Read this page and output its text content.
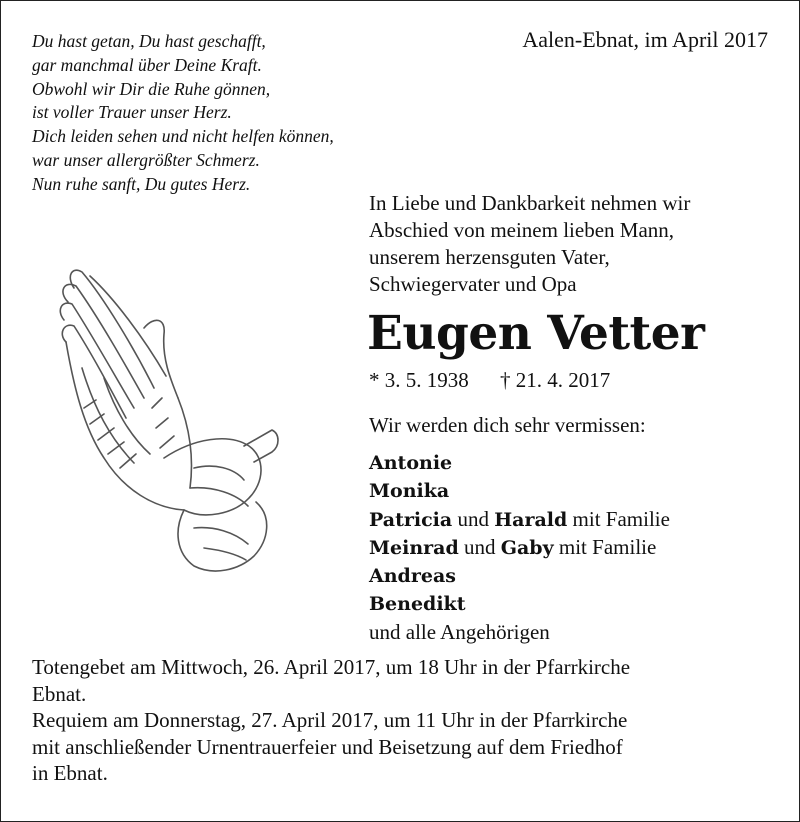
Du hast getan, Du hast geschafft,
gar manchmal über Deine Kraft.
Obwohl wir Dir die Ruhe gönnen,
ist voller Trauer unser Herz.
Dich leiden sehen und nicht helfen können,
war unser allergrößter Schmerz.
Nun ruhe sanft, Du gutes Herz.
Aalen-Ebnat, im April 2017
In Liebe und Dankbarkeit nehmen wir
Abschied von meinem lieben Mann,
unserem herzensguten Vater,
Schwiegervater und Opa
Eugen Vetter
* 3. 5. 1938 † 21. 4. 2017
Wir werden dich sehr vermissen:
Antonie
Monika
Patricia und Harald mit Familie
Meinrad und Gaby mit Familie
Andreas
Benedikt
und alle Angehörigen
Totengebet am Mittwoch, 26. April 2017, um 18 Uhr in der Pfarrkirche
Ebnat.
Requiem am Donnerstag, 27. April 2017, um 11 Uhr in der Pfarrkirche
mit anschließender Urnentrauerfeier und Beisetzung auf dem Friedhof
in Ebnat.
